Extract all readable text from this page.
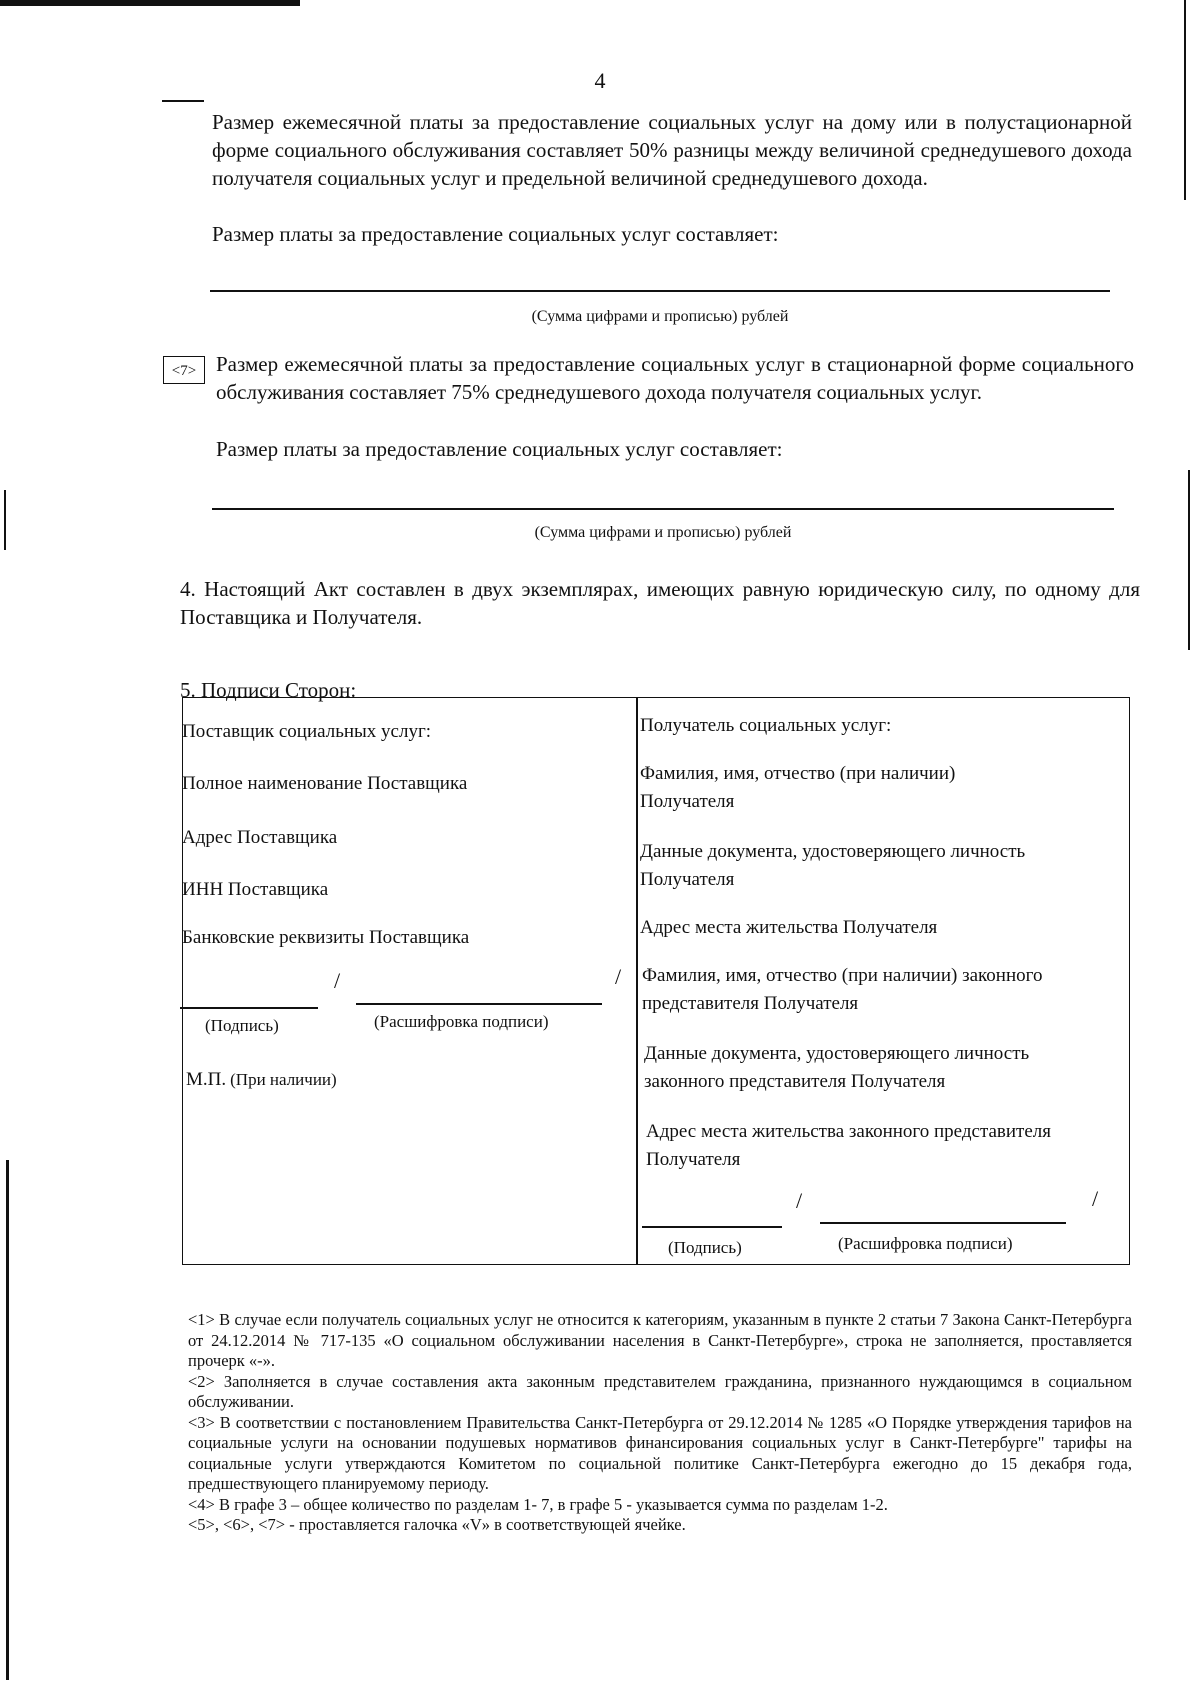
4
Размер ежемесячной платы за предоставление социальных услуг на дому или в полустационарной форме социального обслуживания составляет 50% разницы между величиной среднедушевого дохода получателя социальных услуг и предельной величиной среднедушевого дохода.
Размер платы за предоставление социальных услуг составляет:
(Сумма цифрами и прописью) рублей
<7> Размер ежемесячной платы за предоставление социальных услуг в стационарной форме социального обслуживания составляет 75% среднедушевого дохода получателя социальных услуг.
Размер платы за предоставление социальных услуг составляет:
(Сумма цифрами и прописью) рублей
4. Настоящий Акт составлен в двух экземплярах, имеющих равную юридическую силу, по одному для Поставщика и Получателя.
5. Подписи Сторон:
Поставщик социальных услуг:
Полное наименование Поставщика
Адрес Поставщика
ИНН Поставщика
Банковские реквизиты Поставщика
/	/
(Подпись)	(Расшифровка подписи)
М.П. (При наличии)
Получатель социальных услуг:
Фамилия, имя, отчество (при наличии) Получателя
Данные документа, удостоверяющего личность Получателя
Адрес места жительства Получателя
Фамилия, имя, отчество (при наличии) законного представителя Получателя
Данные документа, удостоверяющего личность законного представителя Получателя
Адрес места жительства законного представителя Получателя
/	/
(Подпись)	(Расшифровка подписи)
<1> В случае если получатель социальных услуг не относится к категориям, указанным в пункте 2 статьи 7 Закона Санкт-Петербурга от 24.12.2014 № 717-135 «О социальном обслуживании населения в Санкт-Петербурге», строка не заполняется, проставляется прочерк «-».
<2> Заполняется в случае составления акта законным представителем гражданина, признанного нуждающимся в социальном обслуживании.
<3> В соответствии с постановлением Правительства Санкт-Петербурга от 29.12.2014 № 1285 «О Порядке утверждения тарифов на социальные услуги на основании подушевых нормативов финансирования социальных услуг в Санкт-Петербурге" тарифы на социальные услуги утверждаются Комитетом по социальной политике Санкт-Петербурга ежегодно до 15 декабря года, предшествующего планируемому периоду.
<4> В графе 3 – общее количество по разделам 1- 7, в графе 5 - указывается сумма по разделам 1-2.
<5>, <6>, <7> - проставляется галочка «V» в соответствующей ячейке.
